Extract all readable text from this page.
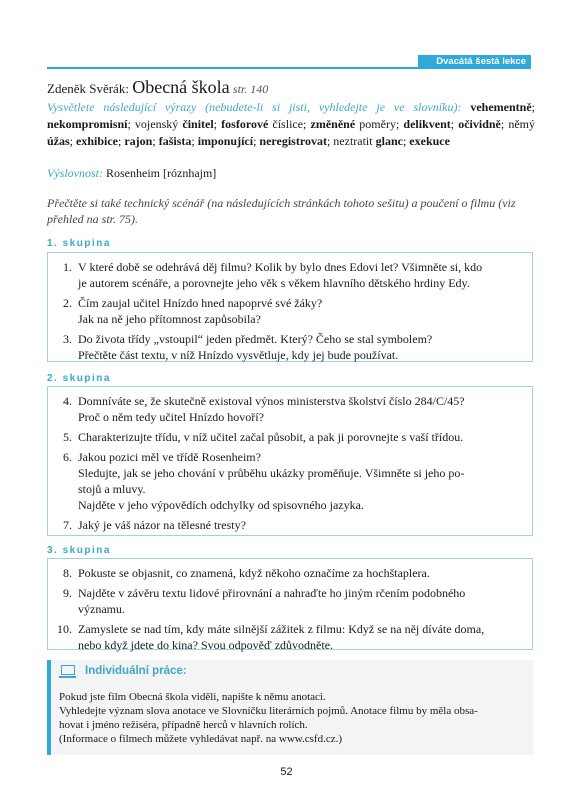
Dvacátá šestá lekce
Zdeněk Svěrák: Obecná škola str. 140
Vysvětlete následující výrazy (nebudete-li si jisti, vyhledejte je ve slovníku): vehementně; nekompromisní; vojenský činitel; fosforové číslice; změněné poměry; delikvent; očividně; němý úžas; exhibice; rajon; fašista; imponující; neregistrovat; neztratit glanc; exekuce
Výslovnost: Rosenheim [róznhajm]
Přečtěte si také technický scénář (na následujících stránkách tohoto sešitu) a poučení o filmu (viz přehled na str. 75).
1. skupina
1. V které době se odehrává děj filmu? Kolik by bylo dnes Edovi let? Všimněte si, kdo
je autorem scénáře, a porovnejte jeho věk s věkem hlavního dětského hrdiny Edy.
2. Čím zaujal učitel Hnízdo hned napoprvé své žáky?
Jak na ně jeho přítomnost zapůsobila?
3. Do života třídy „vstoupil“ jeden předmět. Který? Čeho se stal symbolem?
Přečtěte část textu, v níž Hnízdo vysvětluje, kdy jej bude používat.
2. skupina
4. Domníváte se, že skutečně existoval výnos ministerstva školství číslo 284/C/45?
Proč o něm tedy učitel Hnízdo hovoří?
5. Charakterizujte třídu, v níž učitel začal působit, a pak ji porovnejte s vaší třídou.
6. Jakou pozici měl ve třídě Rosenheim?
Sledujte, jak se jeho chování v průběhu ukázky proměňuje. Všimněte si jeho po-
stojů a mluvy.
Najděte v jeho výpovědích odchylky od spisovného jazyka.
7. Jaký je váš názor na tělesné tresty?
3. skupina
8. Pokuste se objasnit, co znamená, když někoho označíme za hochštaplera.
9. Najděte v závěru textu lidové přirovnání a nahraďte ho jiným rčením podobného
významu.
10. Zamyslete se nad tím, kdy máte silnější zážitek z filmu: Když se na něj díváte doma,
nebo když jdete do kina? Svou odpověď zdůvodněte.
Individuální práce:
Pokud jste film Obecná škola viděli, napište k němu anotaci.
Vyhledejte význam slova anotace ve Slovníčku literárních pojmů. Anotace filmu by měla obsa-
hovat i jméno režiséra, případně herců v hlavních rolích.
(Informace o filmech můžete vyhledávat např. na www.csfd.cz.)
52
